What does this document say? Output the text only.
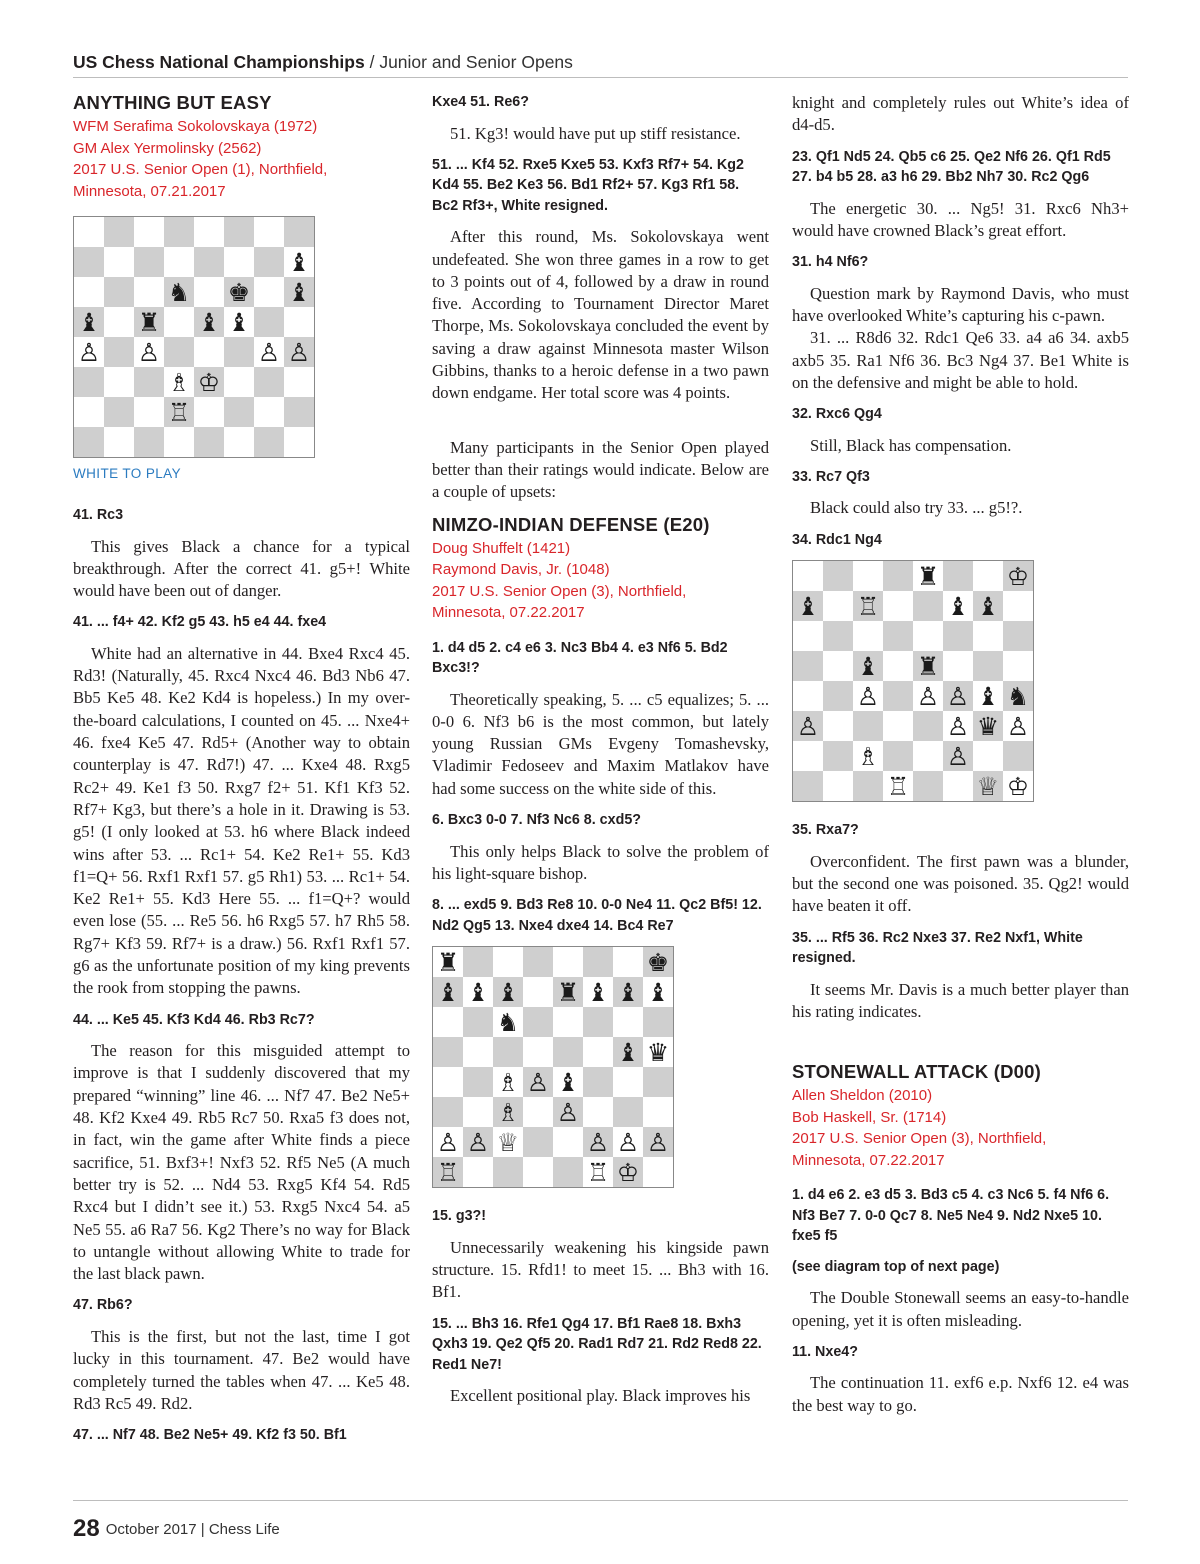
US Chess National Championships / Junior and Senior Opens
ANYTHING BUT EASY
WFM Serafima Sokolovskaya (1972)
GM Alex Yermolinsky (2562)
2017 U.S. Senior Open (1), Northfield,
Minnesota, 07.21.2017
♝
♞ ♚ ♝
♝ ♜ ♝ ♝
♙ ♙	♙ ♙
♗ ♔
♖
WHITE TO PLAY
41. Rc3

This gives Black a chance for a typical breakthrough. After the correct 41. g5+! White would have been out of danger.

41. ... f4+ 42. Kf2 g5 43. h5 e4 44. fxe4

White had an alternative in 44. Bxe4 Rxc4 45. Rd3! (Naturally, 45. Rxc4 Nxc4 46. Bd3 Nb6 47. Bb5 Ke5 48. Ke2 Kd4 is hopeless.) In my over-the-board calculations, I counted on 45. ... Nxe4+ 46. fxe4 Ke5 47. Rd5+ (Another way to obtain counterplay is 47. Rd7!) 47. ... Kxe4 48. Rxg5 Rc2+ 49. Ke1 f3 50. Rxg7 f2+ 51. Kf1 Kf3 52. Rf7+ Kg3, but there’s a hole in it. Drawing is 53. g5! (I only looked at 53. h6 where Black indeed wins after 53. ... Rc1+ 54. Ke2 Re1+ 55. Kd3 f1=Q+ 56. Rxf1 Rxf1 57. g5 Rh1) 53. ... Rc1+ 54. Ke2 Re1+ 55. Kd3 Here 55. ... f1=Q+? would even lose (55. ... Re5 56. h6 Rxg5 57. h7 Rh5 58. Rg7+ Kf3 59. Rf7+ is a draw.) 56. Rxf1 Rxf1 57. g6 as the unfortunate position of my king prevents the rook from stopping the pawns.

44. ... Ke5 45. Kf3 Kd4 46. Rb3 Rc7?

The reason for this misguided attempt to improve is that I suddenly discovered that my prepared “winning” line 46. ... Nf7 47. Be2 Ne5+ 48. Kf2 Kxe4 49. Rb5 Rc7 50. Rxa5 f3 does not, in fact, win the game after White finds a piece sacrifice, 51. Bxf3+! Nxf3 52. Rf5 Ne5 (A much better try is 52. ... Nd4 53. Rxg5 Kf4 54. Rd5 Rxc4 but I didn’t see it.) 53. Rxg5 Nxc4 54. a5 Ne5 55. a6 Ra7 56. Kg2 There’s no way for Black to untangle without allowing White to trade for the last black pawn.

47. Rb6?

This is the first, but not the last, time I got lucky in this tournament. 47. Be2 would have completely turned the tables when 47. ... Ke5 48. Rd3 Rc5 49. Rd2.

47. ... Nf7 48. Be2 Ne5+ 49. Kf2 f3 50. Bf1
Kxe4 51. Re6?

51. Kg3! would have put up stiff resistance.

51. ... Kf4 52. Rxe5 Kxe5 53. Kxf3 Rf7+ 54. Kg2 Kd4 55. Be2 Ke3 56. Bd1 Rf2+ 57. Kg3 Rf1 58. Bc2 Rf3+, White resigned.

After this round, Ms. Sokolovskaya went undefeated. She won three games in a row to get to 3 points out of 4, followed by a draw in round five. According to Tournament Director Maret Thorpe, Ms. Sokolovskaya concluded the event by saving a draw against Minnesota master Wilson Gibbins, thanks to a heroic defense in a two pawn down endgame. Her total score was 4 points.

Many participants in the Senior Open played better than their ratings would indicate. Below are a couple of upsets:

NIMZO-INDIAN DEFENSE (E20)
Doug Shuffelt (1421)
Raymond Davis, Jr. (1048)
2017 U.S. Senior Open (3), Northfield,
Minnesota, 07.22.2017
1. d4 d5 2. c4 e6 3. Nc3 Bb4 4. e3 Nf6 5. Bd2 Bxc3!?

Theoretically speaking, 5. ... c5 equalizes; 5. ... 0-0 6. Nf3 b6 is the most common, but lately young Russian GMs Evgeny Tomashevsky, Vladimir Fedoseev and Maxim Matlakov have had some success on the white side of this.

6. Bxc3 0-0 7. Nf3 Nc6 8. cxd5?

This only helps Black to solve the problem of his light-square bishop.

8. ... exd5 9. Bd3 Re8 10. 0-0 Ne4 11. Qc2 Bf5! 12. Nd2 Qg5 13. Nxe4 dxe4 14. Bc4 Re7
♜	♚
♝ ♝ ♝ ♜ ♝ ♝ ♝
♞
♝ ♛
♗ ♙ ♝
♗ ♙
♙ ♙ ♕	♙ ♙ ♙
♖	♖ ♔
15. g3?!

Unnecessarily weakening his kingside pawn structure. 15. Rfd1! to meet 15. ... Bh3 with 16. Bf1.

15. ... Bh3 16. Rfe1 Qg4 17. Bf1 Rae8 18. Bxh3 Qxh3 19. Qe2 Qf5 20. Rad1 Rd7 21. Rd2 Red8 22. Red1 Ne7!

Excellent positional play. Black improves his

knight and completely rules out White’s idea of d4-d5.

23. Qf1 Nd5 24. Qb5 c6 25. Qe2 Nf6 26. Qf1 Rd5 27. b4 b5 28. a3 h6 29. Bb2 Nh7 30. Rc2 Qg6

The energetic 30. ... Ng5! 31. Rxc6 Nh3+ would have crowned Black’s great effort.

31. h4 Nf6?

Question mark by Raymond Davis, who must have overlooked White’s capturing his c-pawn.

31. ... R8d6 32. Rdc1 Qe6 33. a4 a6 34. axb5 axb5 35. Ra1 Nf6 36. Bc3 Ng4 37. Be1 White is on the defensive and might be able to hold.

32. Rxc6 Qg4

Still, Black has compensation.

33. Rc7 Qf3

Black could also try 33. ... g5!?.

34. Rdc1 Ng4
♜	♔
♝ ♖	♝ ♝
♝ ♜
♙ ♙ ♙ ♝ ♞
♙	♙ ♛ ♙
♗	♙
♖	♕ ♔
35. Rxa7?

Overconfident. The first pawn was a blunder, but the second one was poisoned. 35. Qg2! would have beaten it off.

35. ... Rf5 36. Rc2 Nxe3 37. Re2 Nxf1, White resigned.

It seems Mr. Davis is a much better player than his rating indicates.

STONEWALL ATTACK (D00)
Allen Sheldon (2010)
Bob Haskell, Sr. (1714)
2017 U.S. Senior Open (3), Northfield,
Minnesota, 07.22.2017
1. d4 e6 2. e3 d5 3. Bd3 c5 4. c3 Nc6 5. f4 Nf6 6. Nf3 Be7 7. 0-0 Qc7 8. Ne5 Ne4 9. Nd2 Nxe5 10. fxe5 f5
(see diagram top of next page)

The Double Stonewall seems an easy-to-handle opening, yet it is often misleading.

11. Nxe4?

The continuation 11. exf6 e.p. Nxf6 12. e4 was the best way to go.

28 October 2017 | Chess Life
